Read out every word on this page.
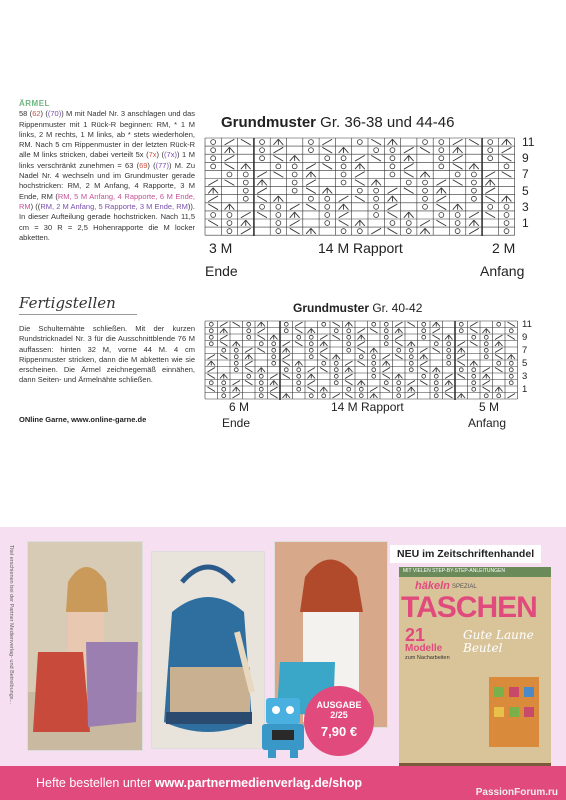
ÄRMEL

58 (62) ((70)) M mit Nadel Nr. 3 anschlagen und das Rippenmuster mit 1 Rück-R beginnen: RM, * 1 M links, 2 M rechts, 1 M links, ab * stets wiederholen, RM. Nach 5 cm Rippenmuster in der letzten Rück-R alle M links stricken, dabei verteilt 5x (7x) ((7x)) 1 M links verschränkt zunehmen = 63 (69) ((77)) M. Zu Nadel Nr. 4 wechseln und im Grundmuster gerade hochstricken: RM, 2 M Anfang, 4 Rapporte, 3 M Ende, RM (RM, 5 M Anfang, 4 Rapporte, 6 M Ende, RM) ((RM, 2 M Anfang, 5 Rapporte, 3 M Ende, RM)). In dieser Aufteilung gerade hochstricken. Nach 11,5 cm = 30 R = 2,5 Hohenrapporte die M locker abketten.

Fertigstellen
Die Schulternähte schließen. Mit der kurzen Rundstricknadel Nr. 3 für die Ausschnittblende 76 M auffassen: hinten 32 M, vorne 44 M. 4 cm Rippenmuster stricken, dann die M abketten wie sie erscheinen. Die Ärmel zeichnegemäß einnähen, dann Seiten- und Ärmelnähte schließen.
ONline Garne, www.online-garne.de
Grundmuster Gr. 36-38 und 44-46
11
9
7
5
3
1
3 M
Ende
14 M Rapport	2 M
Anfang
Grundmuster Gr. 40-42
11
9
7
5
3
1
6 M
Ende
14 M Rapport	5 M
Anfang
Titel erschienen bei der Partner Medienverlag- und Betreibungs...	NEU im Zeitschriftenhandel
MIT VIELEN STEP-BY-STEP-ANLEITUNGEN
häkeln SPEZIAL
TASCHEN
21
Modelle
zum Nacharbeiten
Gute Laune Beutel
AUSGABE
2/25
7,90 €
Hefte bestellen unter www.partnermedienverlag.de/shop
PassionForum.ru
